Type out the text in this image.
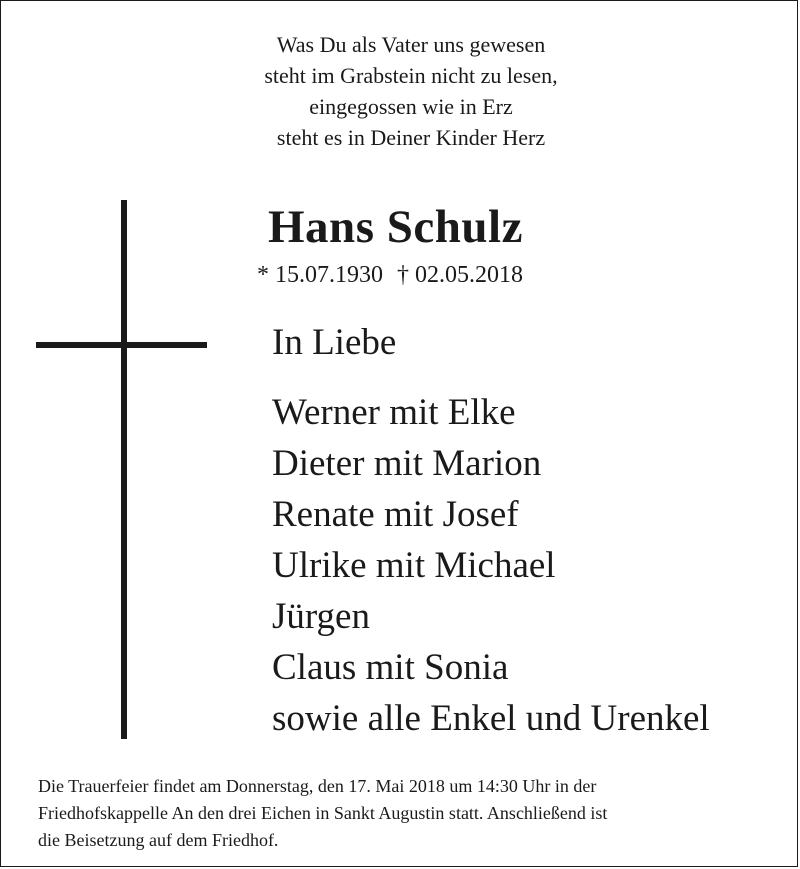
Was Du als Vater uns gewesen
steht im Grabstein nicht zu lesen,
eingegossen wie in Erz
steht es in Deiner Kinder Herz
Hans Schulz
* 15.07.1930 † 02.05.2018
In Liebe
Werner mit Elke
Dieter mit Marion
Renate mit Josef
Ulrike mit Michael
Jürgen
Claus mit Sonia
sowie alle Enkel und Urenkel
Die Trauerfeier findet am Donnerstag, den 17. Mai 2018 um 14:30 Uhr in der
Friedhofskappelle An den drei Eichen in Sankt Augustin statt. Anschließend ist
die Beisetzung auf dem Friedhof.
